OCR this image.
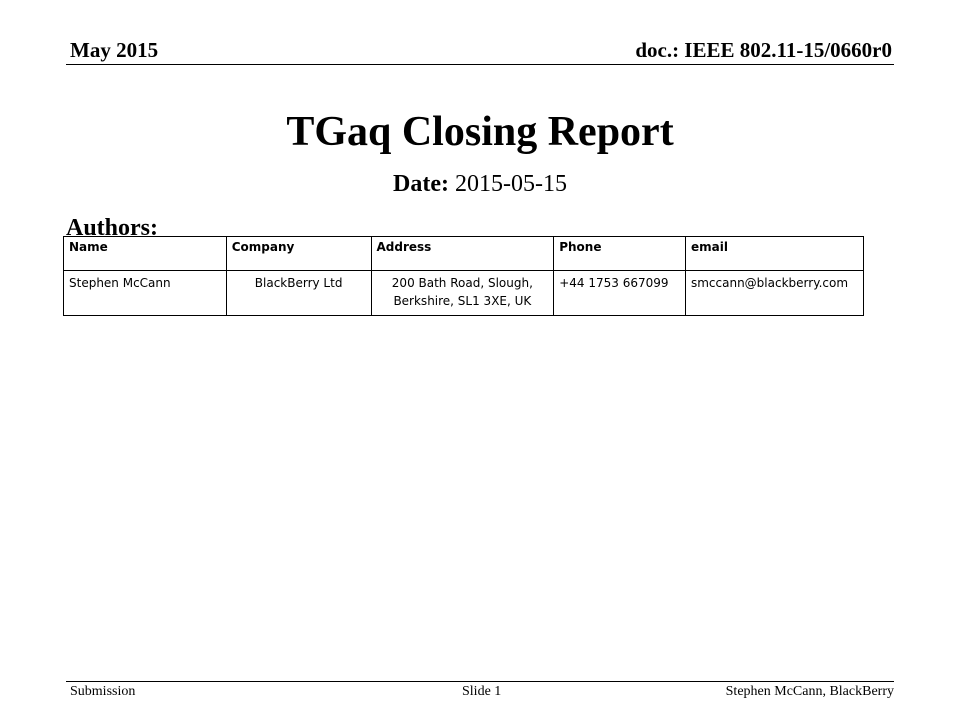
May 2015	doc.: IEEE 802.11-15/0660r0
TGaq Closing Report
Date: 2015-05-15
Authors:
Name	Company	Address	Phone	email
Stephen McCann	BlackBerry Ltd	200 Bath Road, Slough, Berkshire, SL1 3XE, UK	+44 1753 667099	smccann@blackberry.com
Submission	Slide 1	Stephen McCann, BlackBerry
